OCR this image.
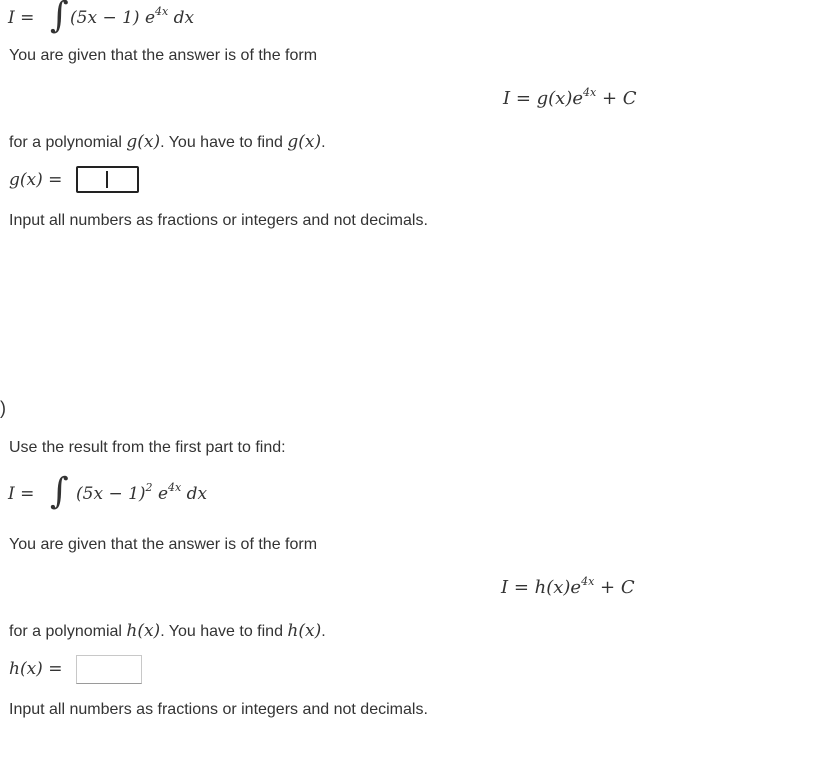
I = ∫ (5x − 1) $e^{4x}$ dx
You are given that the answer is of the form
$I = g(x)e^{4x} + C$
for a polynomial g(x). You have to find g(x).
g(x) =
Input all numbers as fractions or integers and not decimals.
)
Use the result from the first part to find:
I = ∫ $(5x - 1)^2$ $e^{4x}$ dx
You are given that the answer is of the form
$I = h(x)e^{4x} + C$
for a polynomial h(x). You have to find h(x).
h(x) =
Input all numbers as fractions or integers and not decimals.
